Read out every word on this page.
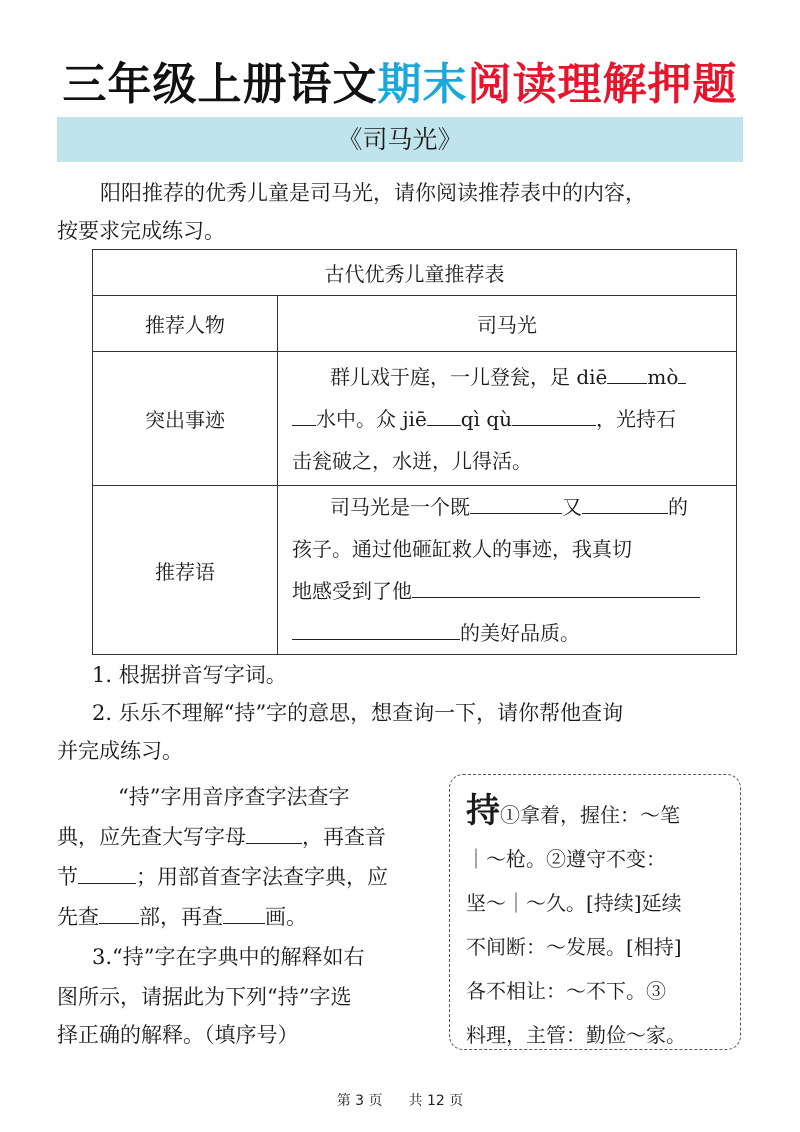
三年级上册语文期末阅读理解押题
《司马光》
阳阳推荐的优秀儿童是司马光，请你阅读推荐表中的内容，
按要求完成练习。
古代优秀儿童推荐表	
推荐人物	司马光
突出事迹	群儿戏于庭，一儿登瓮，足 diē mò
水中。众 jiē qì qù ，光持石
击瓮破之，水迸，儿得活。

推荐语	司马光是一个既 又 的
孩子。通过他砸缸救人的事迹，我真切
地感受到了他
的美好品质。
1. 根据拼音写字词。
2. 乐乐不理解“持”字的意思，想查询一下，请你帮他查询
并完成练习。
“持”字用音序查字法查字
典，应先查大写字母	，再查音
节	；用部首查字法查字典，应
先查 部，再查 画。
3.“持”字在字典中的解释如右
图所示，请据此为下列“持”字选
择正确的解释。（填序号）
持①拿着，握住：～笔
｜～枪。②遵守不变：
坚～｜～久。[持续]延续
不间断：～发展。[相持]
各不相让：～不下。③
料理，主管：勤俭～家。
第 3 页 共 12 页
